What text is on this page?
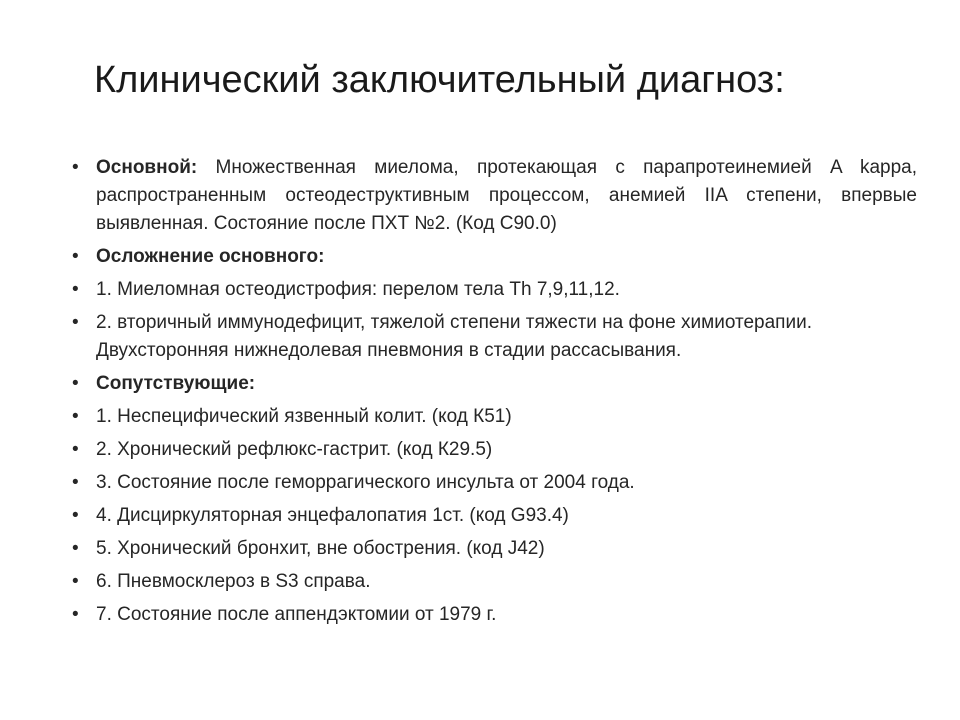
Клинический заключительный диагноз:
• Основной: Множественная миелома, протекающая с парапротеинемией A kappa, распространенным остеодеструктивным процессом, анемией IIA степени, впервые выявленная. Состояние после ПХТ №2. (Код C90.0)
• Осложнение основного:
• 1. Миеломная остеодистрофия: перелом тела Th 7,9,11,12.
• 2. вторичный иммунодефицит, тяжелой степени тяжести на фоне химиотерапии. Двухсторонняя нижнедолевая пневмония в стадии рассасывания.
• Сопутствующие:
• 1. Неспецифический язвенный колит. (код К51)
• 2. Хронический рефлюкс-гастрит. (код К29.5)
• 3. Состояние после геморрагического инсульта от 2004 года.
• 4. Дисциркуляторная энцефалопатия 1ст. (код G93.4)
• 5. Хронический бронхит, вне обострения. (код J42)
• 6. Пневмосклероз в S3 справа.
• 7. Состояние после аппендэктомии от 1979 г.
